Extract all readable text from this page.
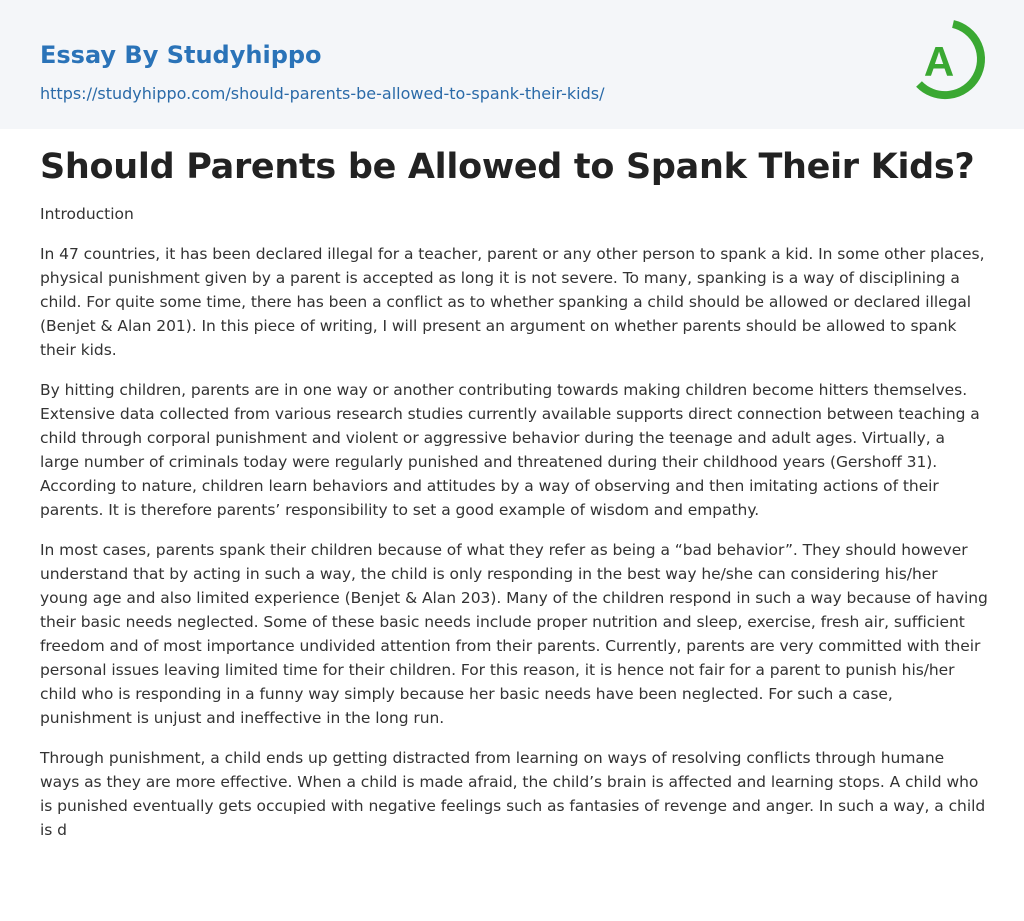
Essay By Studyhippo
https://studyhippo.com/should-parents-be-allowed-to-spank-their-kids/
A
Should Parents be Allowed to Spank Their Kids?
Introduction

In 47 countries, it has been declared illegal for a teacher, parent or any other person to spank a kid. In some other places, physical punishment given by a parent is accepted as long it is not severe. To many, spanking is a way of disciplining a child. For quite some time, there has been a conflict as to whether spanking a child should be allowed or declared illegal (Benjet & Alan 201). In this piece of writing, I will present an argument on whether parents should be allowed to spank their kids.

By hitting children, parents are in one way or another contributing towards making children become hitters themselves. Extensive data collected from various research studies currently available supports direct connection between teaching a child through corporal punishment and violent or aggressive behavior during the teenage and adult ages. Virtually, a large number of criminals today were regularly punished and threatened during their childhood years (Gershoff 31). According to nature, children learn behaviors and attitudes by a way of observing and then imitating actions of their parents. It is therefore parents’ responsibility to set a good example of wisdom and empathy.

In most cases, parents spank their children because of what they refer as being a “bad behavior”. They should however understand that by acting in such a way, the child is only responding in the best way he/she can considering his/her young age and also limited experience (Benjet & Alan 203). Many of the children respond in such a way because of having their basic needs neglected. Some of these basic needs include proper nutrition and sleep, exercise, fresh air, sufficient freedom and of most importance undivided attention from their parents. Currently, parents are very committed with their personal issues leaving limited time for their children. For this reason, it is hence not fair for a parent to punish his/her child who is responding in a funny way simply because her basic needs have been neglected. For such a case, punishment is unjust and ineffective in the long run.

Through punishment, a child ends up getting distracted from learning on ways of resolving conflicts through humane ways as they are more effective. When a child is made afraid, the child’s brain is affected and learning stops. A child who is punished eventually gets occupied with negative feelings such as fantasies of revenge and anger. In such a way, a child is d
